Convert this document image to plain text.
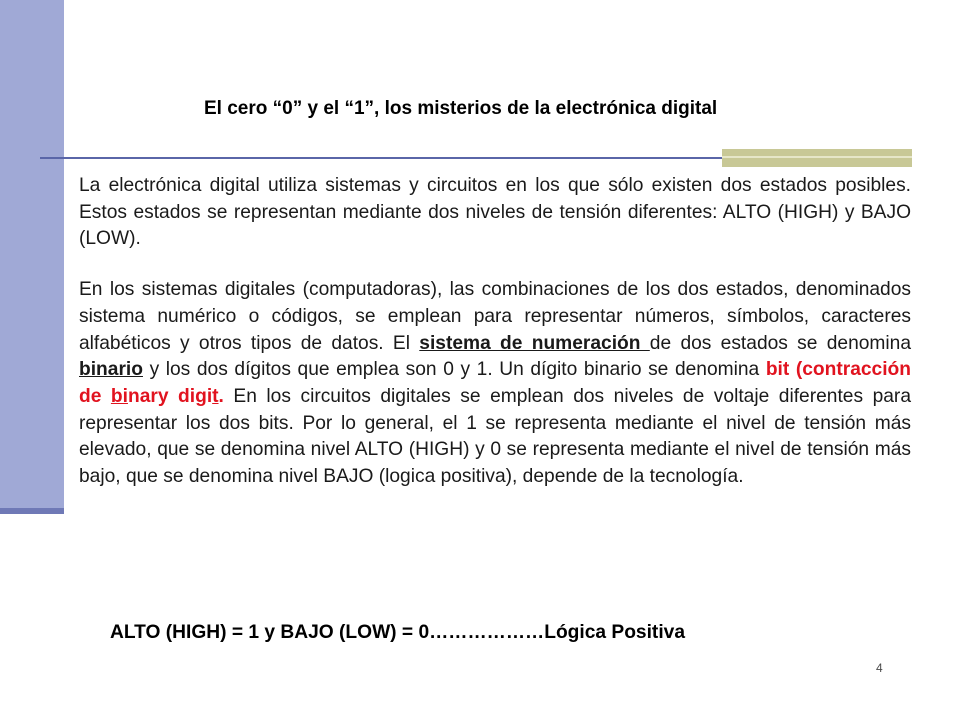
El cero “0” y el “1”, los misterios de la electrónica digital

La electrónica digital utiliza sistemas y circuitos en los que sólo existen dos estados posibles. Estos estados se representan mediante dos niveles de tensión diferentes: ALTO (HIGH) y BAJO (LOW).

En los sistemas digitales (computadoras), las combinaciones de los dos estados, denominados sistema numérico o códigos, se emplean para representar números, símbolos, caracteres alfabéticos y otros tipos de datos. El sistema de numeración de dos estados se denomina binario y los dos dígitos que emplea son 0 y 1. Un dígito binario se denomina bit (contracción de binary digit. En los circuitos digitales se emplean dos niveles de voltaje diferentes para representar los dos bits. Por lo general, el 1 se representa mediante el nivel de tensión más elevado, que se denomina nivel ALTO (HIGH) y 0 se representa mediante el nivel de tensión más bajo, que se denomina nivel BAJO (logica positiva), depende de la tecnología.

ALTO (HIGH) = 1 y BAJO (LOW) = 0………………Lógica Positiva

4
